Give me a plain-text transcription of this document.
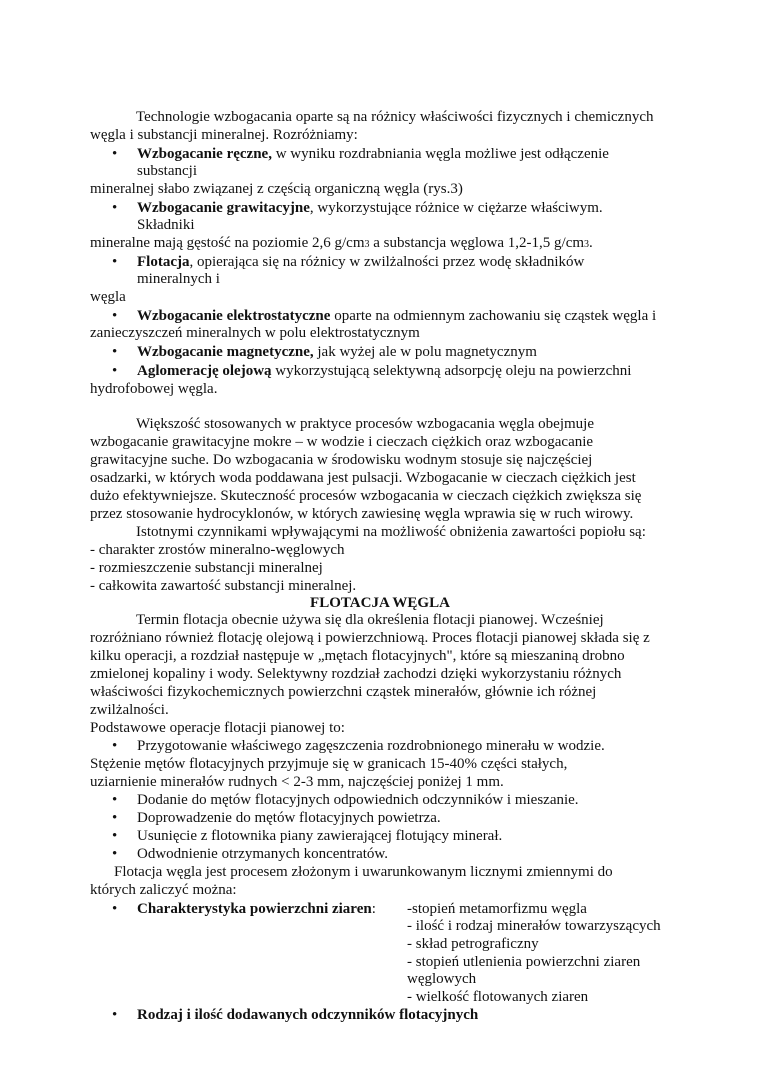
Technologie wzbogacania oparte są na różnicy właściwości fizycznych i chemicznych
węgla i substancji mineralnej. Rozróżniamy:
•
Wzbogacanie ręczne, w wyniku rozdrabniania węgla możliwe jest odłączenie
substancji
mineralnej słabo związanej z częścią organiczną węgla (rys.3)
•
Wzbogacanie grawitacyjne, wykorzystujące różnice w ciężarze właściwym.
Składniki
mineralne mają gęstość na poziomie 2,6 g/cm3 a substancja węglowa 1,2-1,5 g/cm3.
•
Flotacja, opierająca się na różnicy w zwilżalności przez wodę składników
mineralnych i
węgla
•
Wzbogacanie elektrostatyczne oparte na odmiennym zachowaniu się cząstek węgla i
zanieczyszczeń mineralnych w polu elektrostatycznym
•
Wzbogacanie magnetyczne, jak wyżej ale w polu magnetycznym
•
Aglomerację olejową wykorzystującą selektywną adsorpcję oleju na powierzchni
hydrofobowej węgla.
Większość stosowanych w praktyce procesów wzbogacania węgla obejmuje
wzbogacanie grawitacyjne mokre – w wodzie i cieczach ciężkich oraz wzbogacanie
grawitacyjne suche. Do wzbogacania w środowisku wodnym stosuje się najczęściej
osadzarki, w których woda poddawana jest pulsacji. Wzbogacanie w cieczach ciężkich jest
dużo efektywniejsze. Skuteczność procesów wzbogacania w cieczach ciężkich zwiększa się
przez stosowanie hydrocyklonów, w których zawiesinę węgla wprawia się w ruch wirowy.
Istotnymi czynnikami wpływającymi na możliwość obniżenia zawartości popiołu są:
- charakter zrostów mineralno-węglowych
- rozmieszczenie substancji mineralnej
- całkowita zawartość substancji mineralnej.
FLOTACJA WĘGLA
Termin flotacja obecnie używa się dla określenia flotacji pianowej. Wcześniej
rozróżniano również flotację olejową i powierzchniową. Proces flotacji pianowej składa się z
kilku operacji, a rozdział następuje w „mętach flotacyjnych", które są mieszaniną drobno
zmielonej kopaliny i wody. Selektywny rozdział zachodzi dzięki wykorzystaniu różnych
właściwości fizykochemicznych powierzchni cząstek minerałów, głównie ich różnej
zwilżalności.
Podstawowe operacje flotacji pianowej to:
•
Przygotowanie właściwego zagęszczenia rozdrobnionego minerału w wodzie.
Stężenie mętów flotacyjnych przyjmuje się w granicach 15-40% części stałych,
uziarnienie minerałów rudnych < 2-3 mm, najczęściej poniżej 1 mm.
•
Dodanie do mętów flotacyjnych odpowiednich odczynników i mieszanie.
•
Doprowadzenie do mętów flotacyjnych powietrza.
•
Usunięcie z flotownika piany zawierającej flotujący minerał.
•
Odwodnienie otrzymanych koncentratów.
Flotacja węgla jest procesem złożonym i uwarunkowanym licznymi zmiennymi do
których zaliczyć można:
•
Charakterystyka powierzchni ziaren: -stopień metamorfizmu węgla
- ilość i rodzaj minerałów towarzyszących
- skład petrograficzny
- stopień utlenienia powierzchni ziaren
węglowych
- wielkość flotowanych ziaren
•
Rodzaj i ilość dodawanych odczynników flotacyjnych
